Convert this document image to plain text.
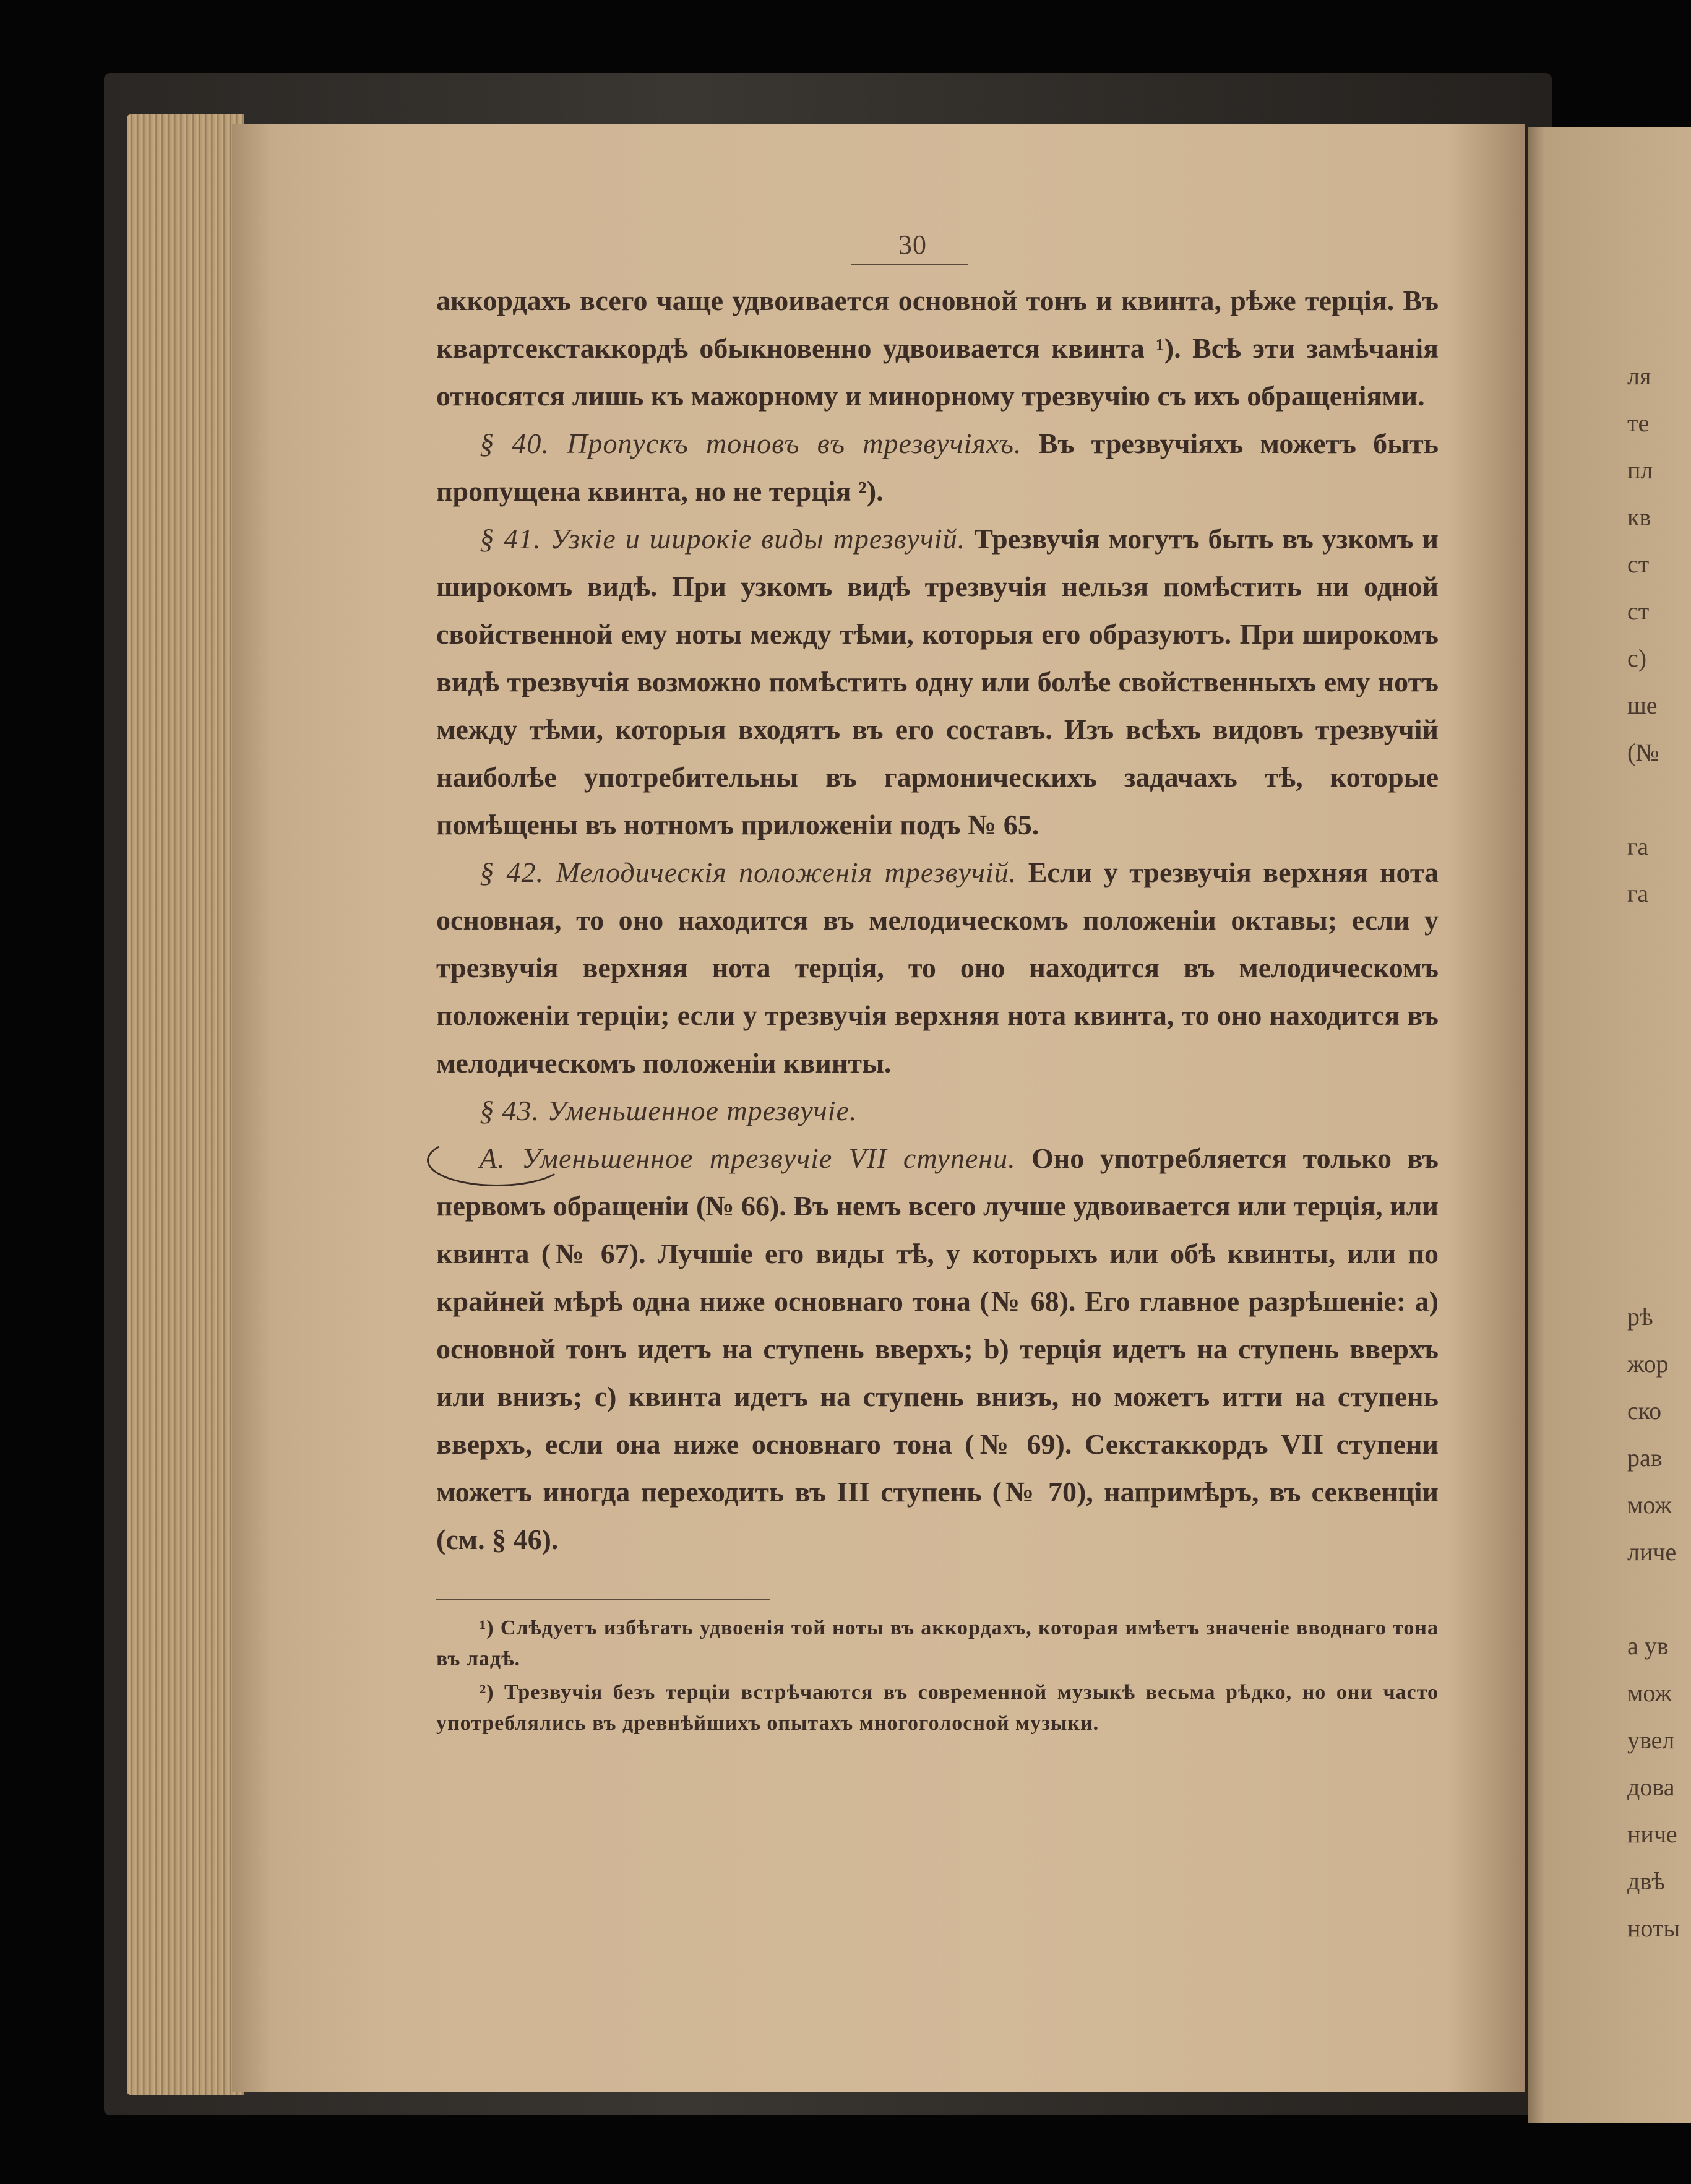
ля
те
пл
кв
ст
ст
с)
ше
(№

га
га

рѣ
жор
ско
рав
мож
личе

а ув
мож
увел
дова
ниче
двѣ
ноты
30

аккордахъ всего чаще удвоивается основной тонъ и квинта, рѣже терція. Въ квартсекстаккордѣ обыкновенно удвоивается квинта ¹). Всѣ эти замѣчанія относятся лишь къ мажорному и минорному трезвучію съ ихъ обращеніями.

§ 40. Пропускъ тоновъ въ трезвучіяхъ. Въ трезвучіяхъ можетъ быть пропущена квинта, но не терція ²).

§ 41. Узкіе и широкіе виды трезвучій. Трезвучія могутъ быть въ узкомъ и широкомъ видѣ. При узкомъ видѣ трезвучія нельзя помѣстить ни одной свойственной ему ноты между тѣми, которыя его образуютъ. При широкомъ видѣ трезвучія возможно помѣстить одну или болѣе свойственныхъ ему нотъ между тѣми, которыя входятъ въ его составъ. Изъ всѣхъ видовъ трезвучій наиболѣе употребительны въ гармоническихъ задачахъ тѣ, которые помѣщены въ нотномъ приложеніи подъ № 65.

§ 42. Мелодическія положенія трезвучій. Если у трезвучія верхняя нота основная, то оно находится въ мелодическомъ положеніи октавы; если у трезвучія верхняя нота терція, то оно находится въ мелодическомъ положеніи терціи; если у трезвучія верхняя нота квинта, то оно находится въ мелодическомъ положеніи квинты.

§ 43. Уменьшенное трезвучіе.

А. Уменьшенное трезвучіе VII ступени. Оно употребляется только въ первомъ обращеніи (№ 66). Въ немъ всего лучше удвоивается или терція, или квинта (№ 67). Лучшіе его виды тѣ, у которыхъ или обѣ квинты, или по крайней мѣрѣ одна ниже основнаго тона (№ 68). Его главное разрѣшеніе: a) основной тонъ идетъ на ступень вверхъ; b) терція идетъ на ступень вверхъ или внизъ; c) квинта идетъ на ступень внизъ, но можетъ итти на ступень вверхъ, если она ниже основнаго тона (№ 69). Секстаккордъ VII ступени можетъ иногда переходить въ III ступень (№ 70), напримѣръ, въ секвенціи (см. § 46).

¹) Слѣдуетъ избѣгать удвоенія той ноты въ аккордахъ, которая имѣетъ значеніе вводнаго тона въ ладѣ.

²) Трезвучія безъ терціи встрѣчаются въ современной музыкѣ весьма рѣдко, но они часто употреблялись въ древнѣйшихъ опытахъ многоголосной музыки.
